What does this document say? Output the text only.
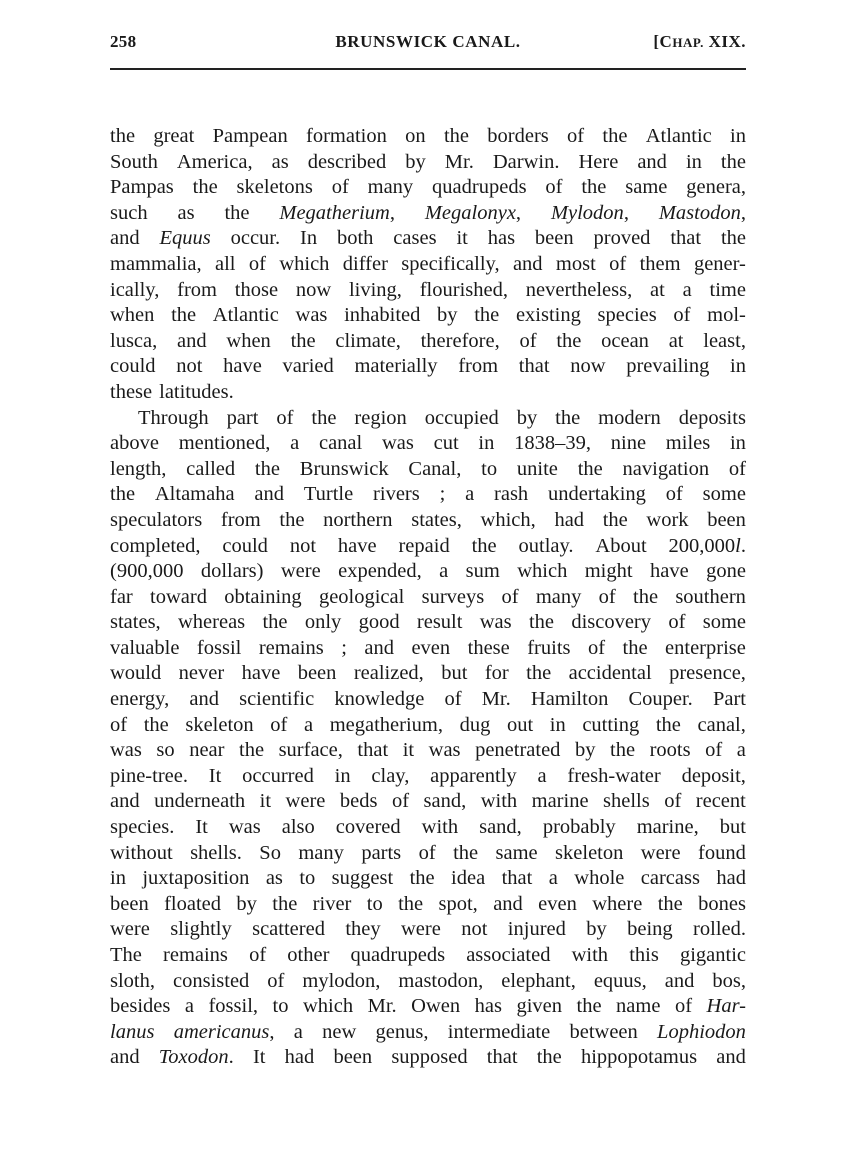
258	BRUNSWICK CANAL.	[CHAP. XIX.
the great Pampean formation on the borders of the Atlantic in
South America, as described by Mr. Darwin. Here and in the
Pampas the skeletons of many quadrupeds of the same genera,
such as the Megatherium, Megalonyx, Mylodon, Mastodon,
and Equus occur. In both cases it has been proved that the
mammalia, all of which differ specifically, and most of them gener-
ically, from those now living, flourished, nevertheless, at a time
when the Atlantic was inhabited by the existing species of mol-
lusca, and when the climate, therefore, of the ocean at least,
could not have varied materially from that now prevailing in
these latitudes.
Through part of the region occupied by the modern deposits
above mentioned, a canal was cut in 1838–39, nine miles in
length, called the Brunswick Canal, to unite the navigation of
the Altamaha and Turtle rivers ; a rash undertaking of some
speculators from the northern states, which, had the work been
completed, could not have repaid the outlay. About 200,000l.
(900,000 dollars) were expended, a sum which might have gone
far toward obtaining geological surveys of many of the southern
states, whereas the only good result was the discovery of some
valuable fossil remains ; and even these fruits of the enterprise
would never have been realized, but for the accidental presence,
energy, and scientific knowledge of Mr. Hamilton Couper. Part
of the skeleton of a megatherium, dug out in cutting the canal,
was so near the surface, that it was penetrated by the roots of a
pine-tree. It occurred in clay, apparently a fresh-water deposit,
and underneath it were beds of sand, with marine shells of recent
species. It was also covered with sand, probably marine, but
without shells. So many parts of the same skeleton were found
in juxtaposition as to suggest the idea that a whole carcass had
been floated by the river to the spot, and even where the bones
were slightly scattered they were not injured by being rolled.
The remains of other quadrupeds associated with this gigantic
sloth, consisted of mylodon, mastodon, elephant, equus, and bos,
besides a fossil, to which Mr. Owen has given the name of Har-
lanus americanus, a new genus, intermediate between Lophiodon
and Toxodon. It had been supposed that the hippopotamus and
